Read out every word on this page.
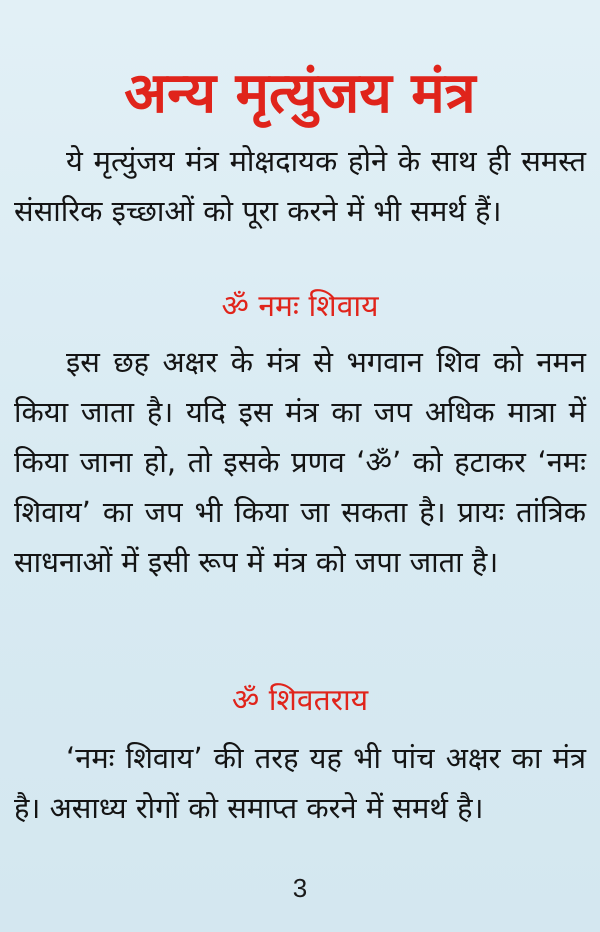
अन्य मृत्युंजय मंत्र

ये मृत्युंजय मंत्र मोक्षदायक होने के साथ ही समस्त संसारिक इच्छाओं को पूरा करने में भी समर्थ हैं।

ॐ नमः शिवाय

इस छह अक्षर के मंत्र से भगवान शिव को नमन किया जाता है। यदि इस मंत्र का जप अधिक मात्रा में किया जाना हो, तो इसके प्रणव ‘ॐ’ को हटाकर ‘नमः शिवाय’ का जप भी किया जा सकता है। प्रायः तांत्रिक साधनाओं में इसी रूप में मंत्र को जपा जाता है।

ॐ शिवतराय

‘नमः शिवाय’ की तरह यह भी पांच अक्षर का मंत्र है। असाध्य रोगों को समाप्त करने में समर्थ है।

3
